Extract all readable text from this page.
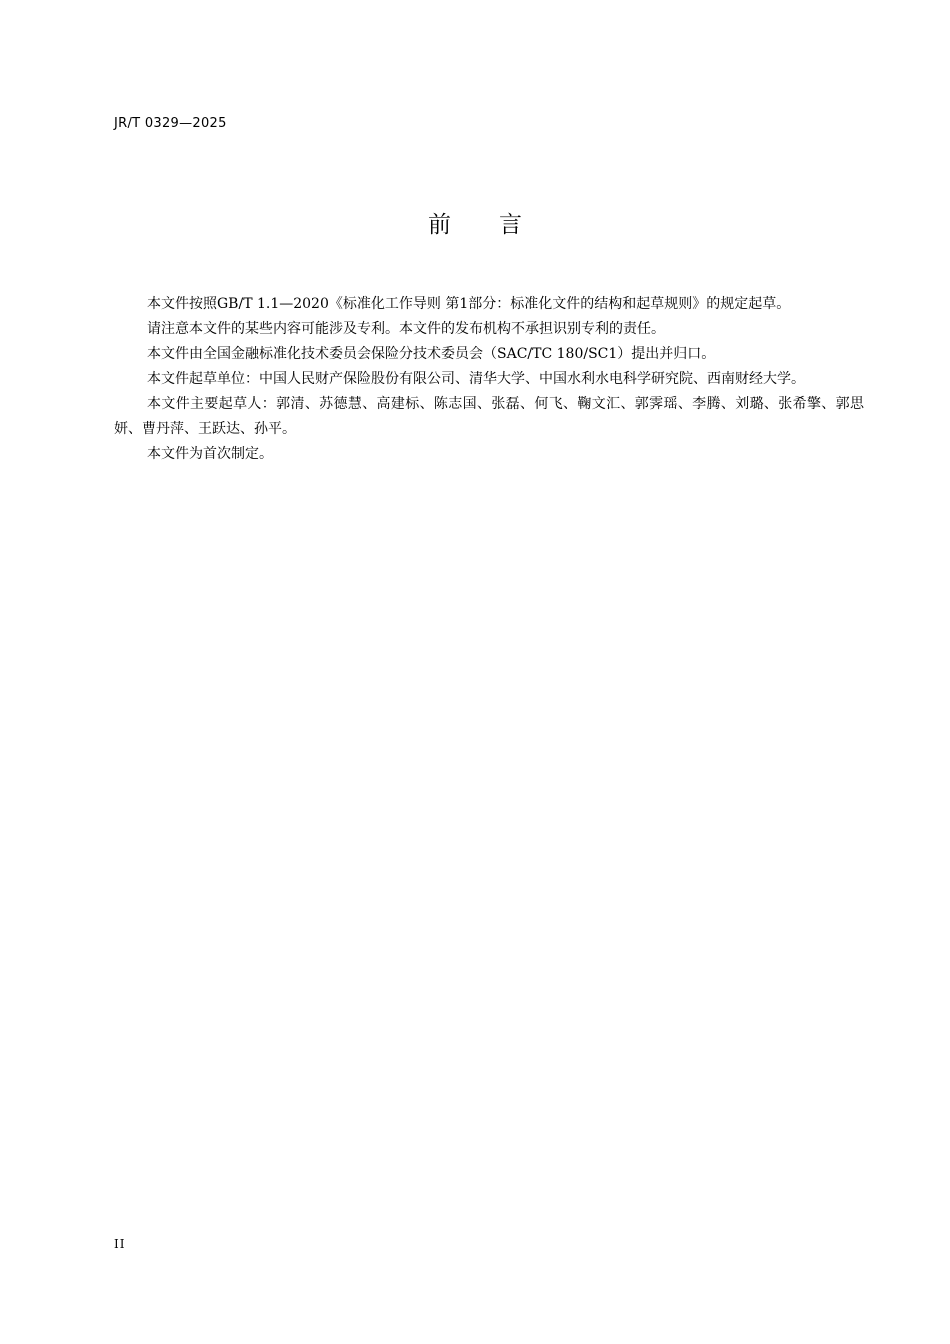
JR/T 0329—2025
前言

本文件按照GB/T 1.1—2020《标准化工作导则 第1部分：标准化文件的结构和起草规则》的规定起草。

请注意本文件的某些内容可能涉及专利。本文件的发布机构不承担识别专利的责任。

本文件由全国金融标准化技术委员会保险分技术委员会（SAC/TC 180/SC1）提出并归口。

本文件起草单位：中国人民财产保险股份有限公司、清华大学、中国水利水电科学研究院、西南财经大学。

本文件主要起草人：郭清、苏德慧、高建标、陈志国、张磊、何飞、鞠文汇、郭霁瑶、李腾、刘璐、张希擎、郭思妍、曹丹萍、王跃达、孙平。

本文件为首次制定。

II
